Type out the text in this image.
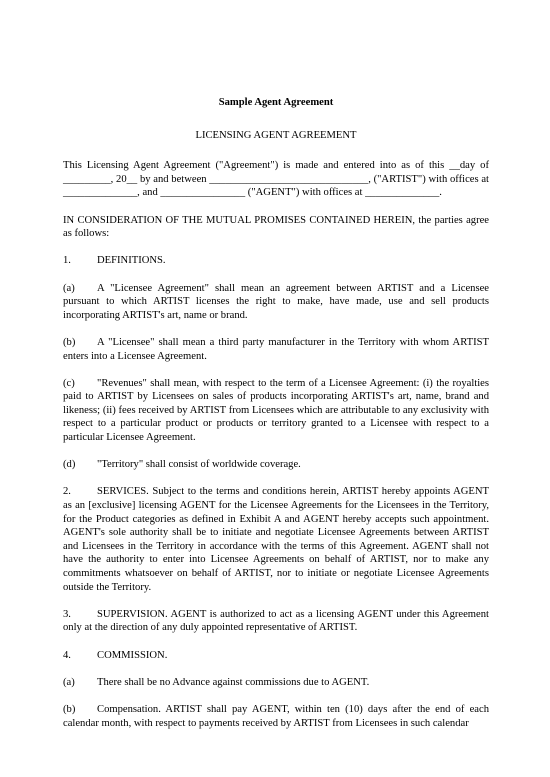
Sample Agent Agreement
LICENSING AGENT AGREEMENT

This Licensing Agent Agreement ("Agreement") is made and entered into as of this __day of _________, 20__ by and between ______________________________, ("ARTIST") with offices at ______________, and ________________ ("AGENT") with offices at ______________.

IN CONSIDERATION OF THE MUTUAL PROMISES CONTAINED HEREIN, the parties agree as follows:

1. DEFINITIONS.

(a) A "Licensee Agreement" shall mean an agreement between ARTIST and a Licensee pursuant to which ARTIST licenses the right to make, have made, use and sell products incorporating ARTIST's art, name or brand.

(b) A "Licensee" shall mean a third party manufacturer in the Territory with whom ARTIST enters into a Licensee Agreement.

(c) "Revenues" shall mean, with respect to the term of a Licensee Agreement: (i) the royalties paid to ARTIST by Licensees on sales of products incorporating ARTIST's art, name, brand and likeness; (ii) fees received by ARTIST from Licensees which are attributable to any exclusivity with respect to a particular product or products or territory granted to a Licensee with respect to a particular Licensee Agreement.

(d) "Territory" shall consist of worldwide coverage.

2. SERVICES. Subject to the terms and conditions herein, ARTIST hereby appoints AGENT as an [exclusive] licensing AGENT for the Licensee Agreements for the Licensees in the Territory, for the Product categories as defined in Exhibit A and AGENT hereby accepts such appointment. AGENT's sole authority shall be to initiate and negotiate Licensee Agreements between ARTIST and Licensees in the Territory in accordance with the terms of this Agreement. AGENT shall not have the authority to enter into Licensee Agreements on behalf of ARTIST, nor to make any commitments whatsoever on behalf of ARTIST, nor to initiate or negotiate Licensee Agreements outside the Territory.

3. SUPERVISION. AGENT is authorized to act as a licensing AGENT under this Agreement only at the direction of any duly appointed representative of ARTIST.

4. COMMISSION.

(a) There shall be no Advance against commissions due to AGENT.

(b) Compensation. ARTIST shall pay AGENT, within ten (10) days after the end of each calendar month, with respect to payments received by ARTIST from Licensees in such calendar
